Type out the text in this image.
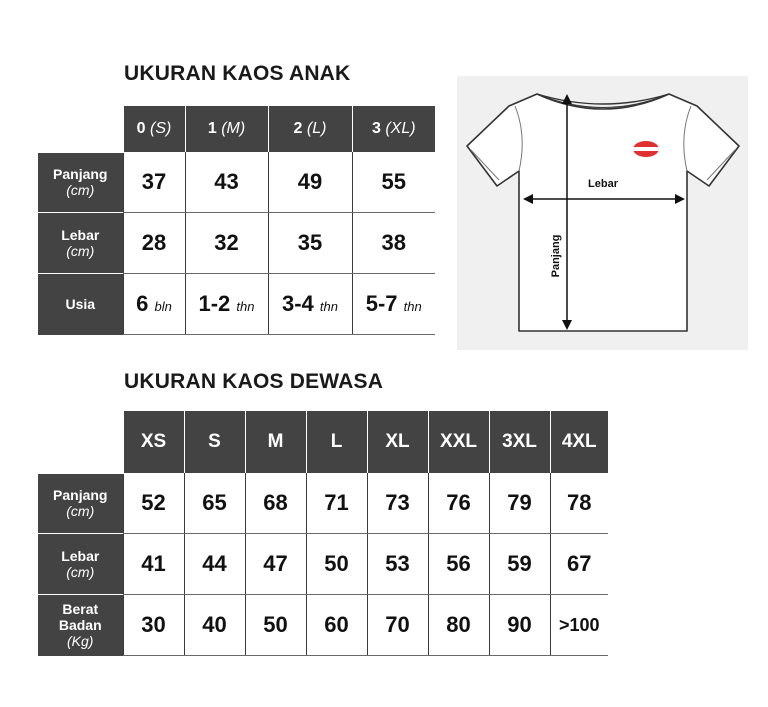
UKURAN KAOS ANAK
	0 (S)	1 (M)	2 (L)	3 (XL)
Panjang
(cm)	37	43	49	55
Lebar
(cm)	28	32	35	38
Usia	6 bln	1-2 thn	3-4 thn	5-7 thn
Lebar
Panjang
UKURAN KAOS DEWASA
	XS	S	M	L	XL	XXL	3XL	4XL
Panjang
(cm)	52	65	68	71	73	76	79	78
Lebar
(cm)	41	44	47	50	53	56	59	67
Berat Badan
(Kg)	30	40	50	60	70	80	90	>100
